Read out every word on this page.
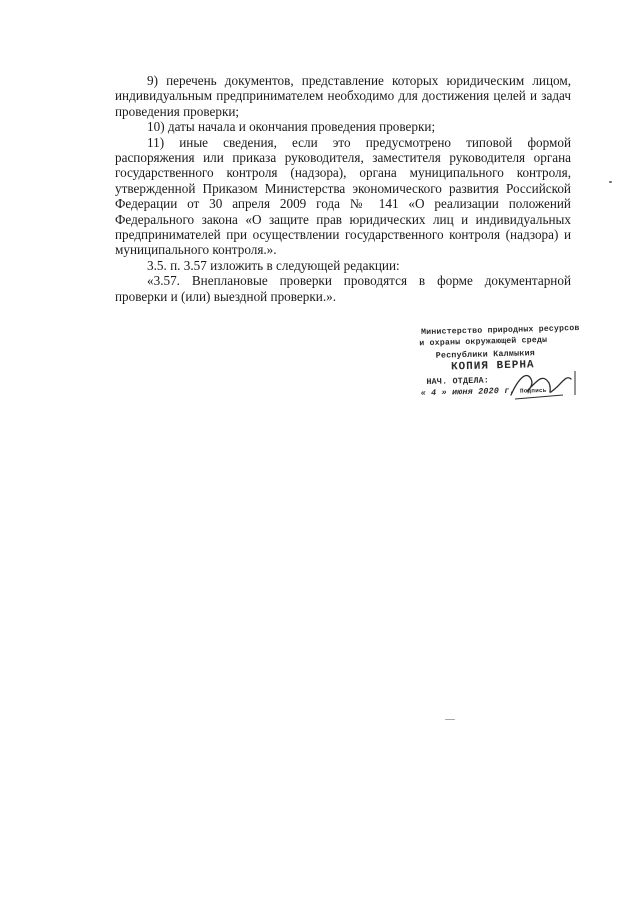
9) перечень документов, представление которых юридическим лицом, индивидуальным предпринимателем необходимо для достижения целей и задач проведения проверки;

10) даты начала и окончания проведения проверки;

11) иные сведения, если это предусмотрено типовой формой распоряжения или приказа руководителя, заместителя руководителя органа государственного контроля (надзора), органа муниципального контроля, утвержденной Приказом Министерства экономического развития Российской Федерации от 30 апреля 2009 года № 141 «О реализации положений Федерального закона «О защите прав юридических лиц и индивидуальных предпринимателей при осуществлении государственного контроля (надзора) и муниципального контроля.».

3.5. п. 3.57 изложить в следующей редакции:

«3.57. Внеплановые проверки проводятся в форме документарной проверки и (или) выездной проверки.».

Министерство природных ресурсов
и охраны окружающей среды
Республики Калмыкия
КОПИЯ ВЕРНА
НАЧ. ОТДЕЛА:
« 4 » июня 2020 г. Подпись
